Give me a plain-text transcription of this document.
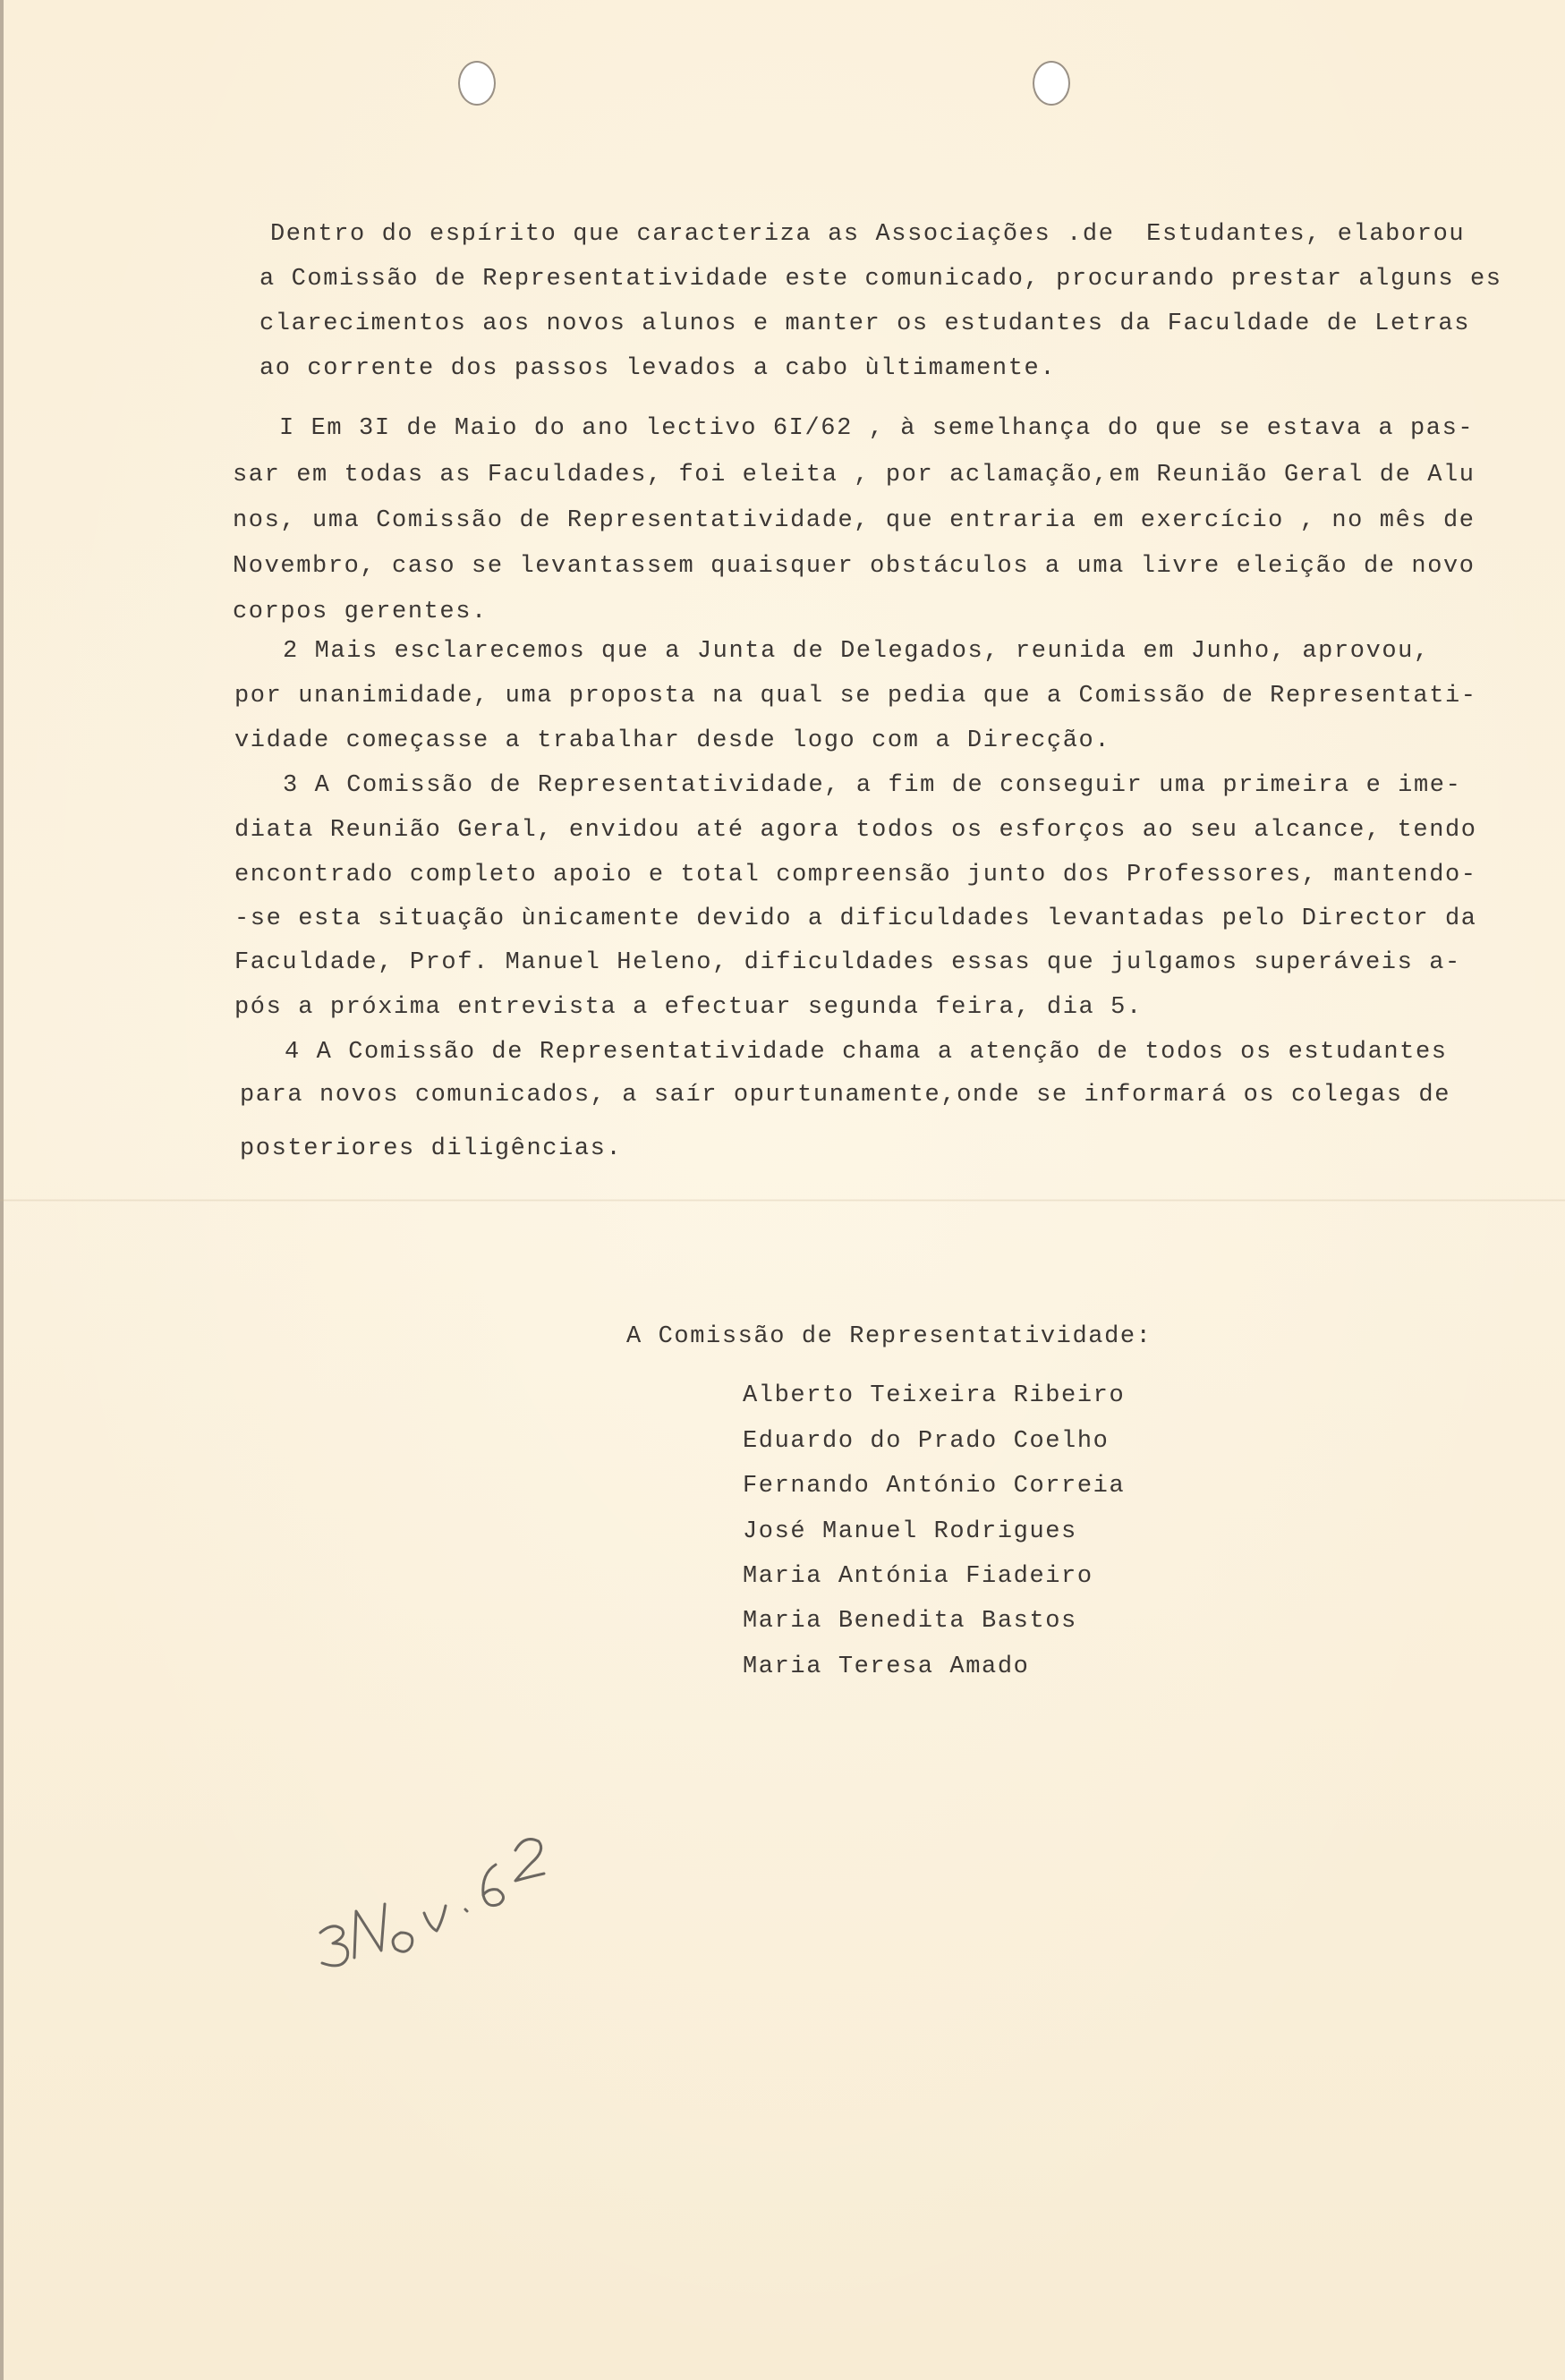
Dentro do espírito que caracteriza as Associações .de  Estudantes, elaborou

a Comissão de Representatividade este comunicado, procurando prestar alguns es

clarecimentos aos novos alunos e manter os estudantes da Faculdade de Letras

ao corrente dos passos levados a cabo ùltimamente.

I Em 3I de Maio do ano lectivo 6I/62 , à semelhança do que se estava a pas-

sar em todas as Faculdades, foi eleita , por aclamação,em Reunião Geral de Alu

nos, uma Comissão de Representatividade, que entraria em exercício , no mês de

Novembro, caso se levantassem quaisquer obstáculos a uma livre eleição de novo

corpos gerentes.

2 Mais esclarecemos que a Junta de Delegados, reunida em Junho, aprovou,

por unanimidade, uma proposta na qual se pedia que a Comissão de Representati-

vidade começasse a trabalhar desde logo com a Direcção.

3 A Comissão de Representatividade, a fim de conseguir uma primeira e ime-

diata Reunião Geral, envidou até agora todos os esforços ao seu alcance, tendo

encontrado completo apoio e total compreensão junto dos Professores, mantendo-

-se esta situação ùnicamente devido a dificuldades levantadas pelo Director da

Faculdade, Prof. Manuel Heleno, dificuldades essas que julgamos superáveis a-

pós a próxima entrevista a efectuar segunda feira, dia 5.

4 A Comissão de Representatividade chama a atenção de todos os estudantes

para novos comunicados, a saír opurtunamente,onde se informará os colegas de

posteriores diligências.

A Comissão de Representatividade:

Alberto Teixeira Ribeiro

Eduardo do Prado Coelho

Fernando António Correia

José Manuel Rodrigues

Maria Antónia Fiadeiro

Maria Benedita Bastos

Maria Teresa Amado
